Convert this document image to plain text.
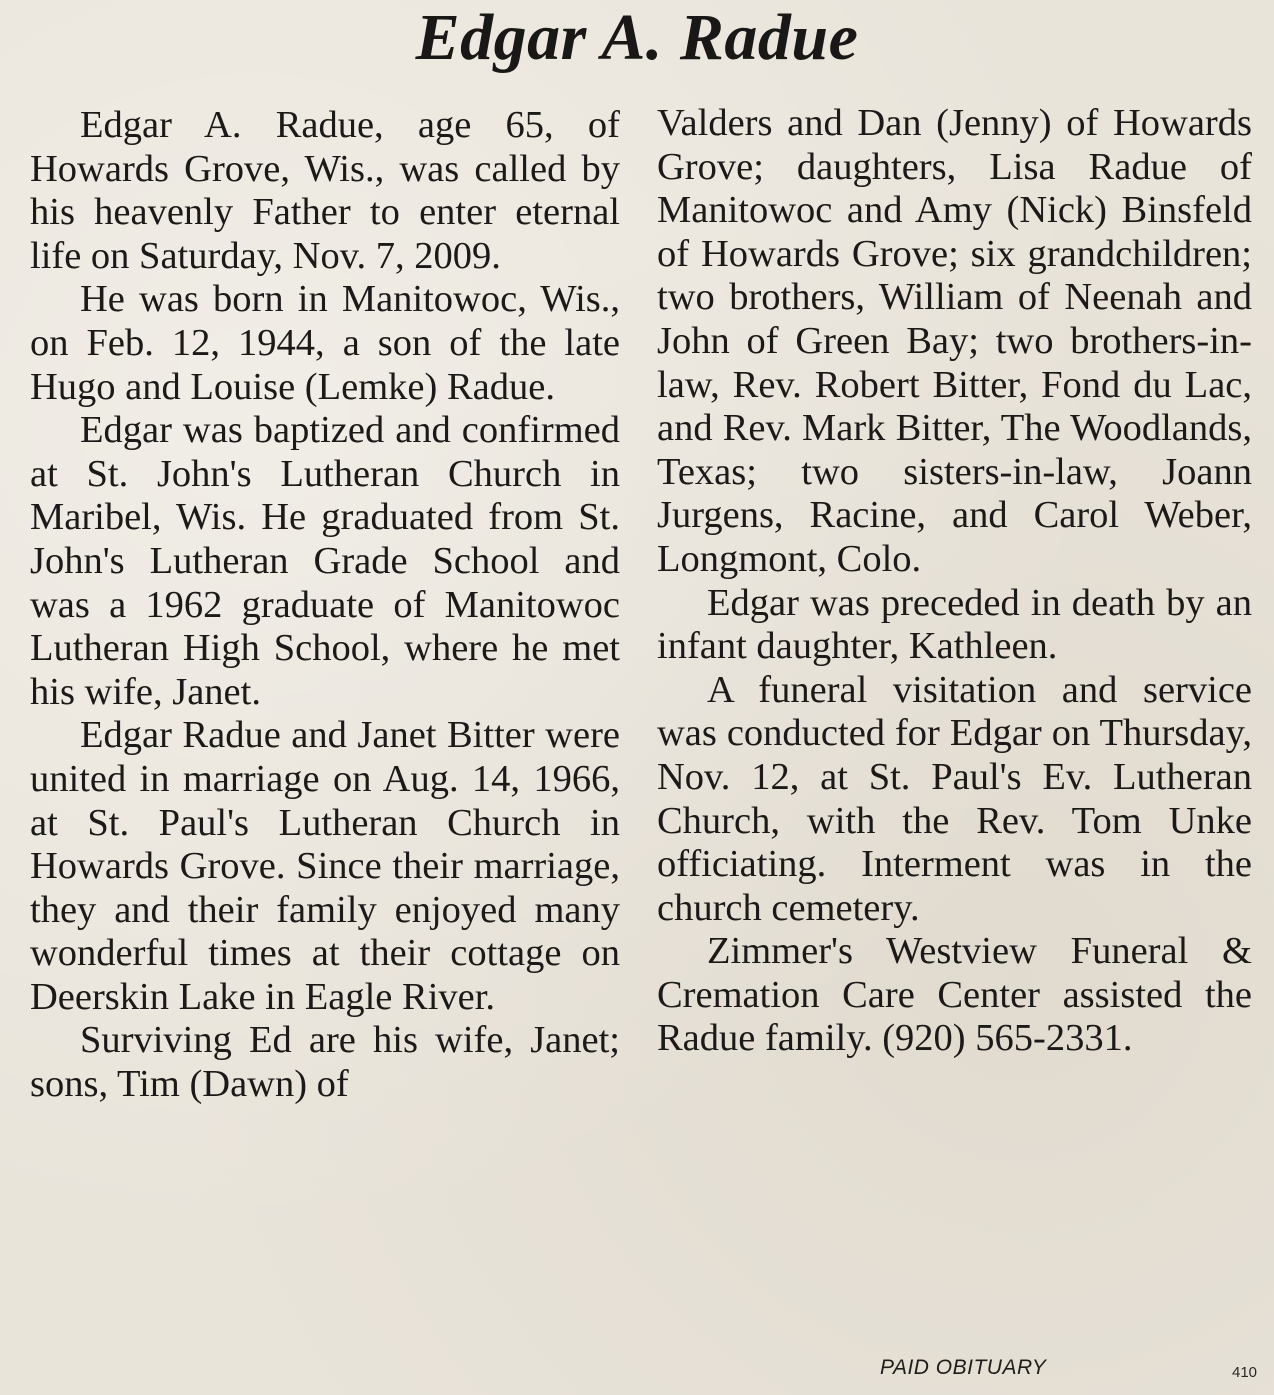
Edgar A. Radue

Edgar A. Radue, age 65, of Howards Grove, Wis., was called by his heavenly Father to enter eternal life on Saturday, Nov. 7, 2009.

He was born in Manitowoc, Wis., on Feb. 12, 1944, a son of the late Hugo and Louise (Lemke) Radue.

Edgar was baptized and confirmed at St. John's Lutheran Church in Maribel, Wis. He graduated from St. John's Lutheran Grade School and was a 1962 graduate of Manitowoc Lutheran High School, where he met his wife, Janet.

Edgar Radue and Janet Bitter were united in marriage on Aug. 14, 1966, at St. Paul's Lutheran Church in Howards Grove. Since their marriage, they and their family enjoyed many wonderful times at their cottage on Deerskin Lake in Eagle River.

Surviving Ed are his wife, Janet; sons, Tim (Dawn) of

Valders and Dan (Jenny) of Howards Grove; daughters, Lisa Radue of Manitowoc and Amy (Nick) Binsfeld of Howards Grove; six grandchildren; two brothers, William of Neenah and John of Green Bay; two brothers-in-law, Rev. Robert Bitter, Fond du Lac, and Rev. Mark Bitter, The Woodlands, Texas; two sisters-in-law, Joann Jurgens, Racine, and Carol Weber, Longmont, Colo.

Edgar was preceded in death by an infant daughter, Kathleen.

A funeral visitation and service was conducted for Edgar on Thursday, Nov. 12, at St. Paul's Ev. Lutheran Church, with the Rev. Tom Unke officiating. Interment was in the church cemetery.

Zimmer's Westview Funeral & Cremation Care Center assisted the Radue family. (920) 565-2331.

PAID OBITUARY	410
